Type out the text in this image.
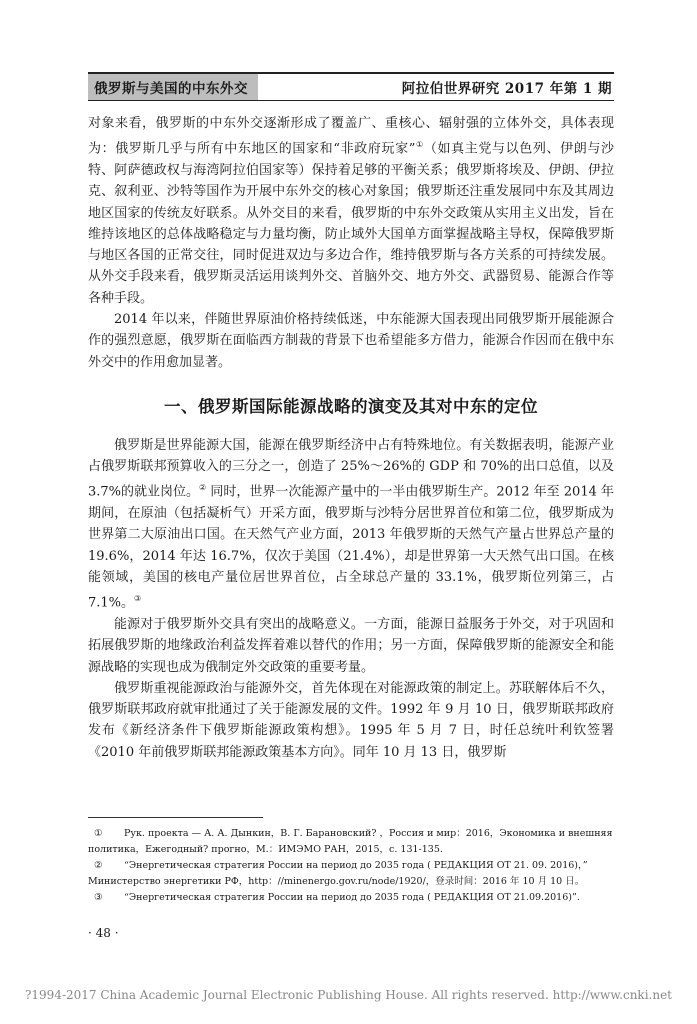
俄罗斯与美国的中东外交	阿拉伯世界研究 2017 年第 1 期

对象来看，俄罗斯的中东外交逐渐形成了覆盖广、重核心、辐射强的立体外交，具体表现为：俄罗斯几乎与所有中东地区的国家和“非政府玩家”①（如真主党与以色列、伊朗与沙特、阿萨德政权与海湾阿拉伯国家等）保持着足够的平衡关系；俄罗斯将埃及、伊朗、伊拉克、叙利亚、沙特等国作为开展中东外交的核心对象国；俄罗斯还注重发展同中东及其周边地区国家的传统友好联系。从外交目的来看，俄罗斯的中东外交政策从实用主义出发，旨在维持该地区的总体战略稳定与力量均衡，防止域外大国单方面掌握战略主导权，保障俄罗斯与地区各国的正常交往，同时促进双边与多边合作，维持俄罗斯与各方关系的可持续发展。从外交手段来看，俄罗斯灵活运用谈判外交、首脑外交、地方外交、武器贸易、能源合作等各种手段。

2014 年以来，伴随世界原油价格持续低迷，中东能源大国表现出同俄罗斯开展能源合作的强烈意愿，俄罗斯在面临西方制裁的背景下也希望能多方借力，能源合作因而在俄中东外交中的作用愈加显著。

一、俄罗斯国际能源战略的演变及其对中东的定位

俄罗斯是世界能源大国，能源在俄罗斯经济中占有特殊地位。有关数据表明，能源产业占俄罗斯联邦预算收入的三分之一，创造了 25%～26%的 GDP 和 70%的出口总值，以及 3.7%的就业岗位。② 同时，世界一次能源产量中的一半由俄罗斯生产。2012 年至 2014 年期间，在原油（包括凝析气）开采方面，俄罗斯与沙特分居世界首位和第二位，俄罗斯成为世界第二大原油出口国。在天然气产业方面，2013 年俄罗斯的天然气产量占世界总产量的 19.6%，2014 年达 16.7%，仅次于美国（21.4%），却是世界第一大天然气出口国。在核能领域，美国的核电产量位居世界首位，占全球总产量的 33.1%，俄罗斯位列第三，占 7.1%。③

能源对于俄罗斯外交具有突出的战略意义。一方面，能源日益服务于外交，对于巩固和拓展俄罗斯的地缘政治利益发挥着难以替代的作用；另一方面，保障俄罗斯的能源安全和能源战略的实现也成为俄制定外交政策的重要考量。

俄罗斯重视能源政治与能源外交，首先体现在对能源政策的制定上。苏联解体后不久，俄罗斯联邦政府就审批通过了关于能源发展的文件。1992 年 9 月 10 日，俄罗斯联邦政府发布《新经济条件下俄罗斯能源政策构想》。1995 年 5 月 7 日，时任总统叶利钦签署《2010 年前俄罗斯联邦能源政策基本方向》。同年 10 月 13 日，俄罗斯

①	Рук. проекта — А. А. Дынкин，В. Г. Барановский? ，Россия и мир：2016，Экономика и внешняя
политика，Ежегодный? прогно，М.：ИМЭМО РАН，2015，с. 131-135.
②	“Энергетическая стратегия России на период до 2035 года ( РЕДАКЦИЯ ОТ 21. 09. 2016)，”
Министерство энергетики РФ，http：//minenergo.gov.ru/node/1920/，登录时间：2016 年 10 月 10 日。
③	“Энергетическая стратегия России на период до 2035 года ( РЕДАКЦИЯ ОТ 21.09.2016)”.
· 48 ·
?1994-2017 China Academic Journal Electronic Publishing House. All rights reserved. http://www.cnki.net
